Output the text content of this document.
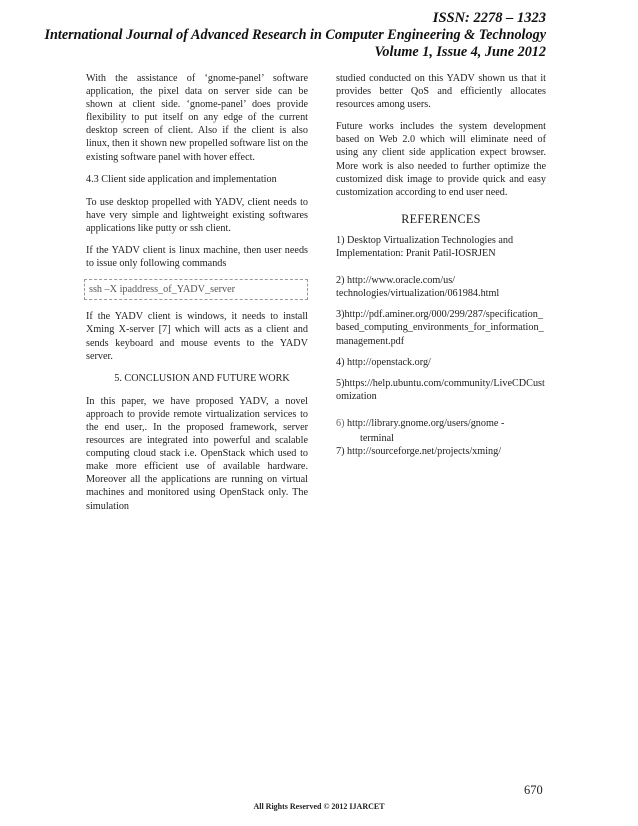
ISSN: 2278 – 1323
International Journal of Advanced Research in Computer Engineering & Technology
Volume 1, Issue 4, June 2012

With the assistance of ‘gnome-panel’ software application, the pixel data on server side can be shown at client side. ‘gnome-panel’ does provide flexibility to put itself on any edge of the current desktop screen of client. Also if the client is also linux, then it shown new propelled software list on the existing software panel with hover effect.

4.3 Client side application and implementation

To use desktop propelled with YADV, client needs to have very simple and lightweight existing softwares applications like putty or ssh client.

If the YADV client is linux machine, then user needs to issue only following commands

ssh –X ipaddress_of_YADV_server

If the YADV client is windows, it needs to install Xming X-server [7] which will acts as a client and sends keyboard and mouse events to the YADV server.

5. CONCLUSION AND FUTURE WORK

In this paper, we have proposed YADV, a novel approach to provide remote virtualization services to the end user,. In the proposed framework, server resources are integrated into powerful and scalable computing cloud stack i.e. OpenStack which used to make more efficient use of available hardware. Moreover all the applications are running on virtual machines and monitored using OpenStack only. The simulation

studied conducted on this YADV shown us that it provides better QoS and efficiently allocates resources among users.

Future works includes the system development based on Web 2.0 which will eliminate need of using any client side application expect browser. More work is also needed to further optimize the customized disk image to provide quick and easy customization according to end user need.

REFERENCES
1) Desktop Virtualization Technologies and Implementation: Pranit Patil-IOSRJEN
2) http://www.oracle.com/us/ technologies/virtualization/061984.html
3)http://pdf.aminer.org/000/299/287/specification_based_computing_environments_for_information_management.pdf
4) http://openstack.org/
5)https://help.ubuntu.com/community/LiveCDCustomization
6) http://library.gnome.org/users/gnome -
terminal
7) http://sourceforge.net/projects/xming/
670
All Rights Reserved © 2012 IJARCET
